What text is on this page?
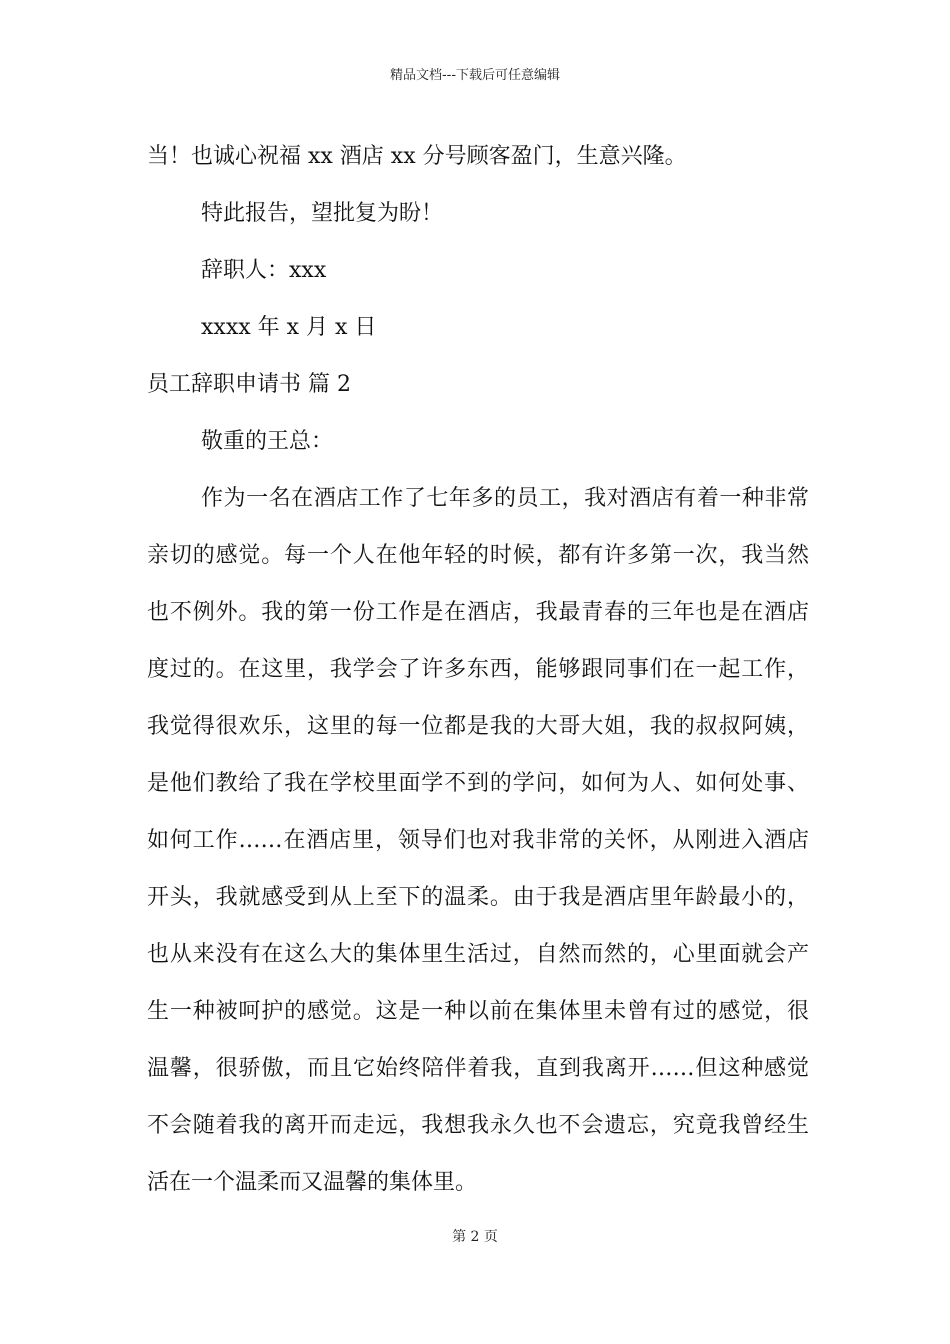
精品文档---下载后可任意编辑

当！也诚心祝福 xx 酒店 xx 分号顾客盈门，生意兴隆。

特此报告，望批复为盼！

辞职人：xxx

xxxx 年 x 月 x 日

员工辞职申请书 篇 2

敬重的王总：

作为一名在酒店工作了七年多的员工，我对酒店有着一种非常

亲切的感觉。每一个人在他年轻的时候，都有许多第一次，我当然

也不例外。我的第一份工作是在酒店，我最青春的三年也是在酒店

度过的。在这里，我学会了许多东西，能够跟同事们在一起工作，

我觉得很欢乐，这里的每一位都是我的大哥大姐，我的叔叔阿姨，

是他们教给了我在学校里面学不到的学问，如何为人、如何处事、

如何工作……在酒店里，领导们也对我非常的关怀，从刚进入酒店

开头，我就感受到从上至下的温柔。由于我是酒店里年龄最小的，

也从来没有在这么大的集体里生活过，自然而然的，心里面就会产

生一种被呵护的感觉。这是一种以前在集体里未曾有过的感觉，很

温馨，很骄傲，而且它始终陪伴着我，直到我离开……但这种感觉

不会随着我的离开而走远，我想我永久也不会遗忘，究竟我曾经生

活在一个温柔而又温馨的集体里。

第 2 页
